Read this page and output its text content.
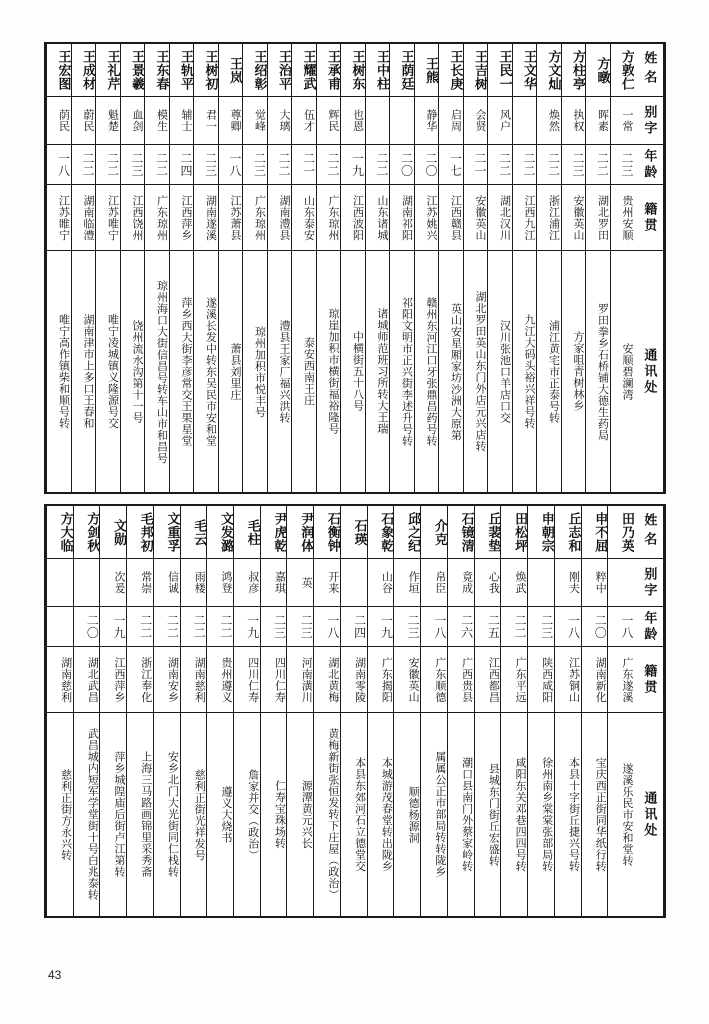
姓名
别字
年龄
籍贯
通讯处
方敦仁
一常
二三
贵州安顺
安顺碧澜湾
方暾
晖素
二二
湖北罗田
罗田拳乡石桥铺大德生药局
方柱亭
执权
二三
安徽英山
方家咀青树林乡
方文灿
焕然
二二
浙江浦江
浦江黄宅市正泰号转
王文华
二二
江西九江
九江大码头裕兴祥号转
王民一
风户
二二
湖北汉川
汉川张池口羊店口交
王吉树
会贤
二一
安徽英山
湖北罗田英山东门外店元兴店转
王长庚
启周
一七
江西赣县
英山安星厢家坊沙洲大原第
王熊
静华
二〇
江苏姚兴
赣州东河江口牙张鼎昌药号转
王荫廷
二〇
湖南祁阳
祁阳文明市正兴街李述升号转
王中柱
二二
山东诸城
诸城师范班习所转大王瑞
王树东
也恩
一九
江西波阳
中横街五十八号
王承甫
辉民
二二
广东琼州
琼崖加积市横街福裕隆号
王耀武
伍才
二一
山东泰安
泰安西南王庄
王治平
大璃
二二
湖南澧县
澧县王家厂福兴洪转
王绍彰
觉峰
二三
广东琼州
琼州加积市悦丰号
王岚
尊卿
一八
江苏萧县
萧县刘里庄
王树初
君一
二三
湖南遂溪
遂溪长发中转东吴民市安和堂
王轨平
辅士
二四
江西萍乡
萍乡西大街李彦常交王果星堂
王东春
模生
二二
广东琼州
琼州海口大街信昌号转车山市和昌号
王景羲
血剑
二三
江西饶州
饶州流水沟第十一号
王礼芹
魁楚
二二
江苏唯宁
唯宁凌城镇义隆源号交
王成材
蔚民
二二
湖南临澧
湖南津市上多口王春和
王宏图
荫民
一八
江苏睢宁
唯宁高作镇柴和顺号转
姓名
别字
年龄
籍贯
通讯处
田乃英
一八
广东遂溪
遂溪乐民市安和堂转
申不屈
粹中
二〇
湖南新化
宝庆西正街同华纸行转
丘志和
刚夫
一八
江苏铜山
本县十字街丘捷兴号转
申朝宗
二三
陕西咸阳
徐州南乡棠棠张部局转
田松坪
焕武
二二
广东平远
咸阳东关邓巷四四号转
丘裴垫
心我
二五
江西都昌
县城东门街丘宏盛转
石镜清
竟成
二六
广西贵县
潮口县南门外蔡家岭转
介克
帛臣
一八
广东顺德
属属公正市部局转转陇乡
邱之纪
作垣
二三
安徽英山
顺德杨源洞
石象乾
山谷
一九
广东揭阳
本城游茂春堂转出陇乡
石瑛
二四
湖南零陵
本县东郊河石立德堂交
石衡钟
开来
一八
湖北黄梅
黄梅新街张恒发转下庄屋（政治）
尹润体
英
二三
河南潢川
源潭黄元兴长
尹虎乾
嘉琪
二三
四川仁寿
仁寿宝珠场转
毛柱
叔彦
一九
四川仁寿
詹家并交（政治）
文发潞
鸿登
二二
贵州遵义
遵义大烧书
毛云
雨楼
二二
湖南慈利
慈利正街光祥发号
文重孚
信诚
二二
湖南安乡
安乡北门大光街同仁栈转
毛邦初
常崇
二二
浙江奉化
上海三马路画锦里采秀斋
文勋
次爰
一九
江西萍乡
萍乡城隍庙后街卢江第转
方剑秋
二〇
湖北武昌
武昌城内短军学堂街十号白兆泰转
方大临
湖南慈利
慈利正街方永兴转
43
